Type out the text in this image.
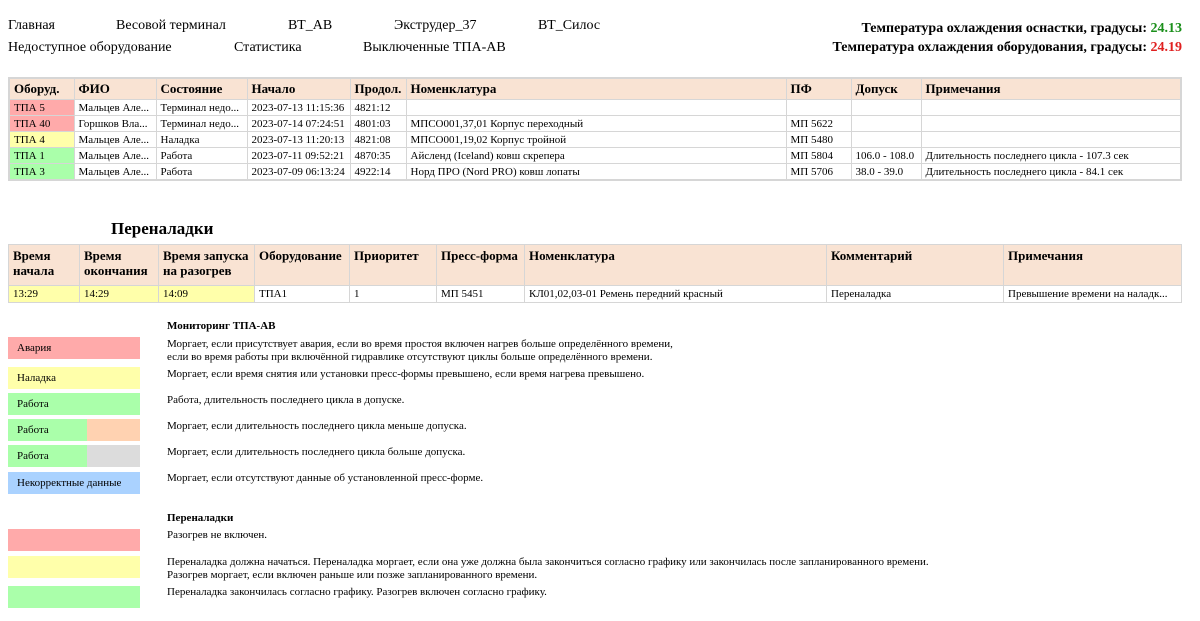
Главная	Весовой терминал	ВТ_АВ	Экструдер_37	ВТ_Силос
Недоступное оборудование	Статистика	Выключенные ТПА-АВ
Температура охлаждения оснастки, градусы: 24.13
Температура охлаждения оборудования, градусы: 24.19
Оборуд.	ФИО	Состояние	Начало	Продол.	Номенклатура	ПФ	Допуск	Примечания
ТПА 5	Мальцев Але...	Терминал недо...	2023-07-13 11:15:36	4821:12				
ТПА 40	Горшков Вла...	Терминал недо...	2023-07-14 07:24:51	4801:03	МПСО001,37,01 Корпус переходный	МП 5622		
ТПА 4	Мальцев Але...	Наладка	2023-07-13 11:20:13	4821:08	МПСО001,19,02 Корпус тройной	МП 5480		
ТПА 1	Мальцев Але...	Работа	2023-07-11 09:52:21	4870:35	Айсленд (Iceland) ковш скрепера	МП 5804	106.0 - 108.0	Длительность последнего цикла - 107.3 сек
ТПА 3	Мальцев Але...	Работа	2023-07-09 06:13:24	4922:14	Норд ПРО (Nord PRO) ковш лопаты	МП 5706	38.0 - 39.0	Длительность последнего цикла - 84.1 сек
Переналадки
Время начала	Время окончания	Время запуска на разогрев	Оборудование	Приоритет	Пресс-форма	Номенклатура	Комментарий	Примечания
13:29	14:29	14:09	ТПА1	1	МП 5451	КЛ01,02,03-01 Ремень передний красный	Переналадка	Превышение времени на наладк...
Мониторинг ТПА-АВ
Авария	Моргает, если присутствует авария, если во время простоя включен нагрев больше определённого времени,
если во время работы при включённой гидравлике отсутствуют циклы больше определённого времени.
Наладка	Моргает, если время снятия или установки пресс-формы превышено, если время нагрева превышено.
Работа	Работа, длительность последнего цикла в допуске.
Работа	Моргает, если длительность последнего цикла меньше допуска.
Работа	Моргает, если длительность последнего цикла больше допуска.
Некорректные данные	Моргает, если отсутствуют данные об установленной пресс-форме.
Переналадки
Разогрев не включен.
Переналадка должна начаться. Переналадка моргает, если она уже должна была закончиться согласно графику или закончилась после запланированного времени.
Разогрев моргает, если включен раньше или позже запланированного времени.
Переналадка закончилась согласно графику. Разогрев включен согласно графику.
